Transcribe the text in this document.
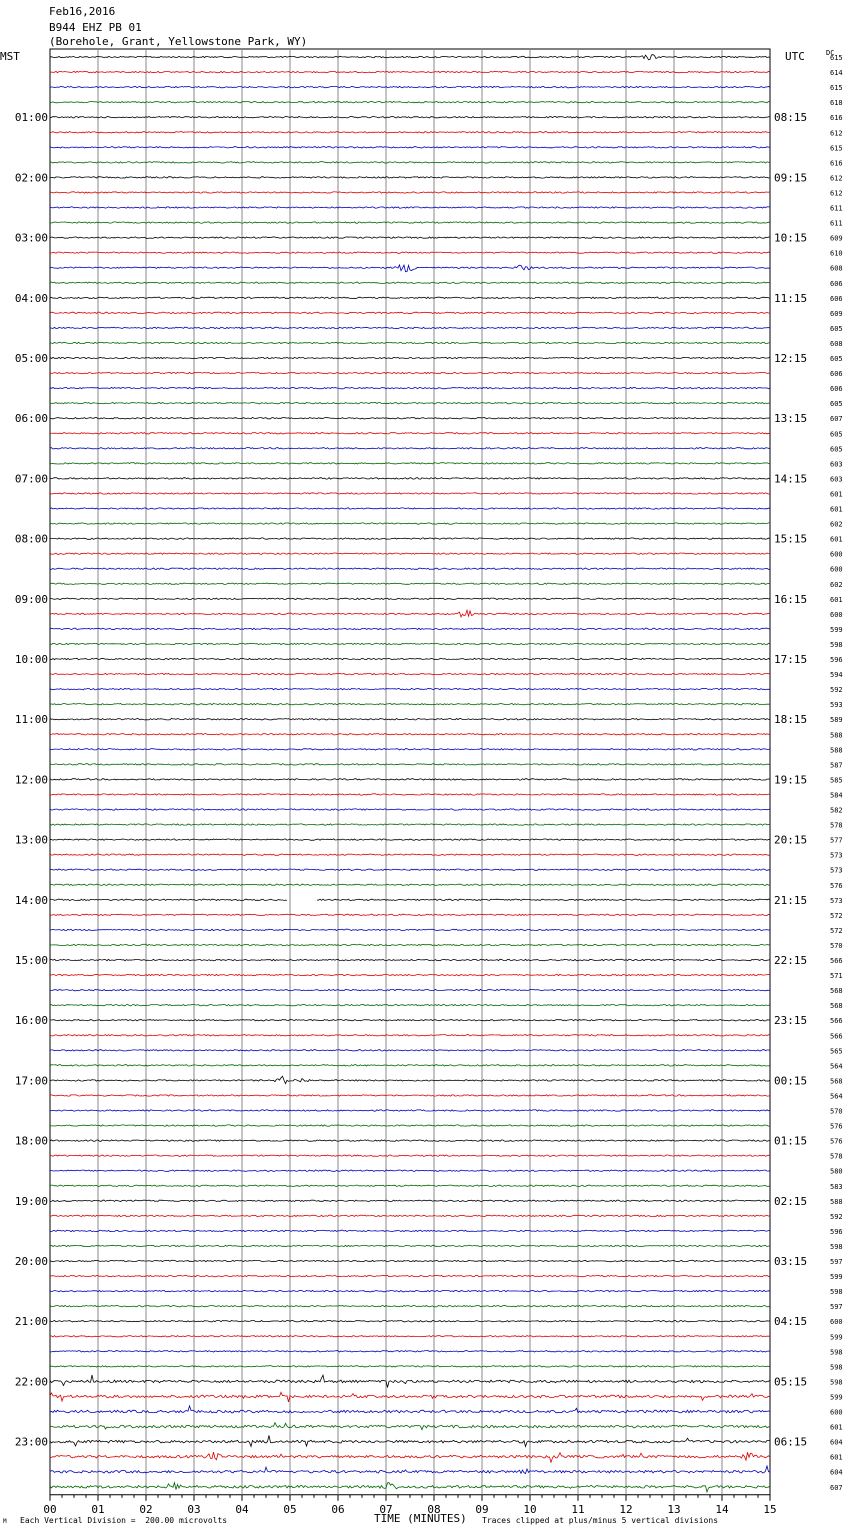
Feb16,2016
B944 EHZ PB 01
(Borehole, Grant, Yellowstone Park, WY)
MST	UTC	DC
01:00	08:15
02:00	09:15
03:00	10:15
04:00	11:15
05:00	12:15
06:00	13:15
07:00	14:15
08:00	15:15
09:00	16:15
10:00	17:15
11:00	18:15
12:00	19:15
13:00	20:15
14:00	21:15
15:00	22:15
16:00	23:15
17:00	00:15
18:00	01:15
19:00	02:15
20:00	03:15
21:00	04:15
22:00	05:15
23:00	06:15
615
614
615
618
616
612
615
616
612
612
611
611
609
610
608
606
606
609
605
608
605
606
606
605
607
605
605
603
603
601
601
602
601
600
600
602
601
600
599
598
596
594
592
593
589
588
588
587
585
584
582
578
577
573
573
576
573
572
572
570
566
571
568
568
566
566
565
564
568
564
570
576
576
578
580
583
588
592
596
598
597
599
598
597
600
599
598
598
598
599
600
601
604
601
604
607
00	01	02	03	04	05	06	07	08	09	10	11	12	13	14	15
M Each Vertical Division =  200.00 microvolts	TIME (MINUTES) Traces clipped at plus/minus 5 vertical divisions
